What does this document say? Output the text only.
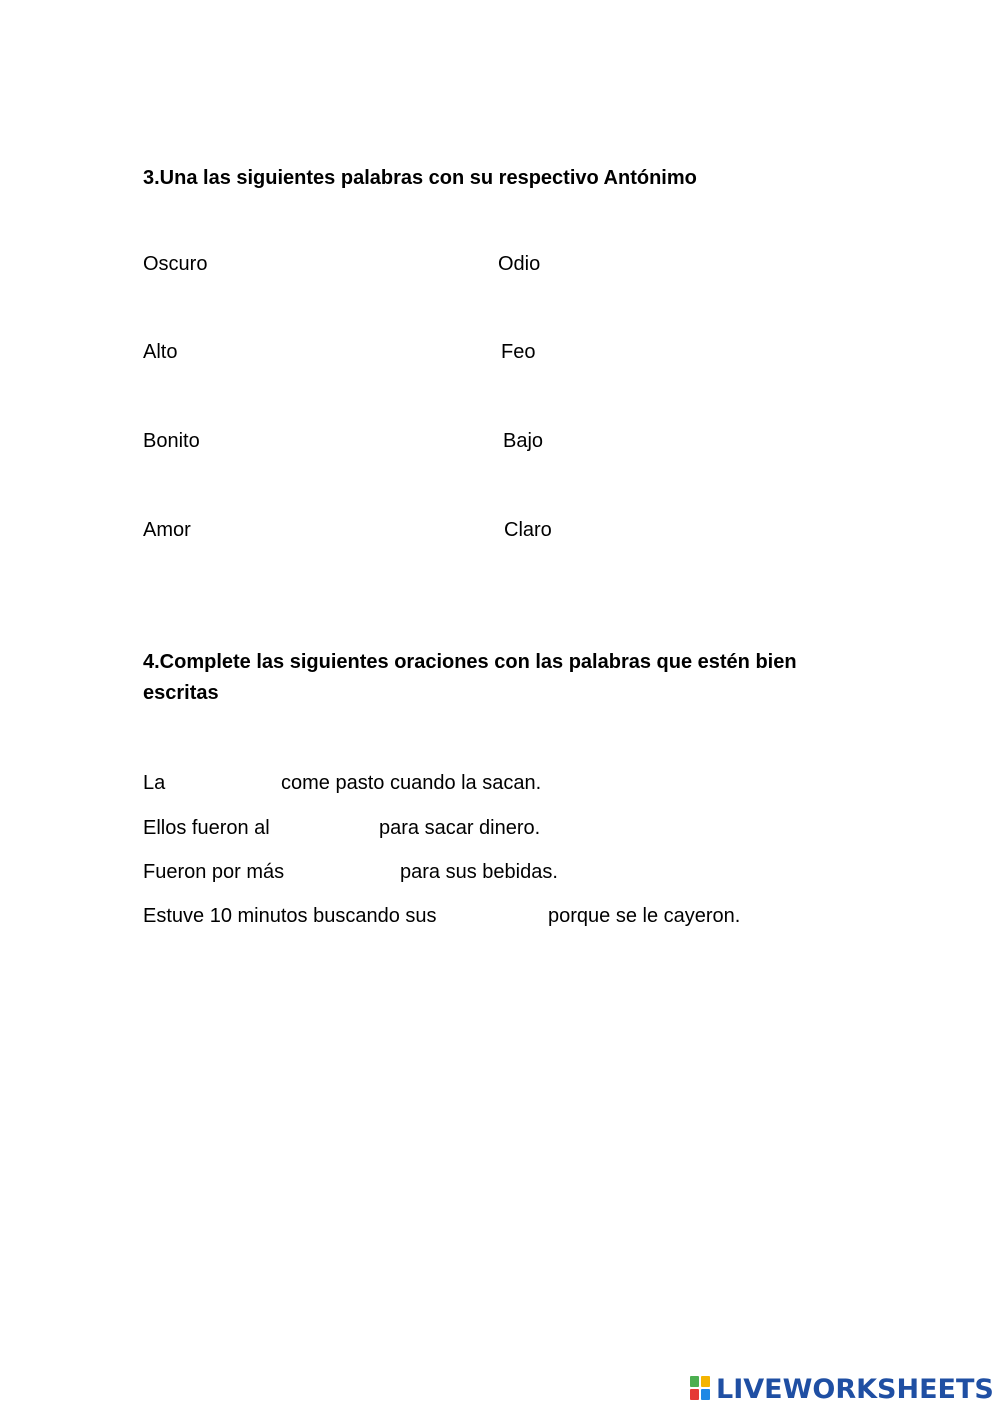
3.Una las siguientes palabras con su respectivo Antónimo
Oscuro	Odio
Alto	Feo
Bonito	Bajo
Amor	Claro
4.Complete las siguientes oraciones con las palabras que estén bien escritas
La	come pasto cuando la sacan.
Ellos fueron al	para sacar dinero.
Fueron por más	para sus bebidas.
Estuve 10 minutos buscando sus	porque se le cayeron.
LIVEWORKSHEETS
